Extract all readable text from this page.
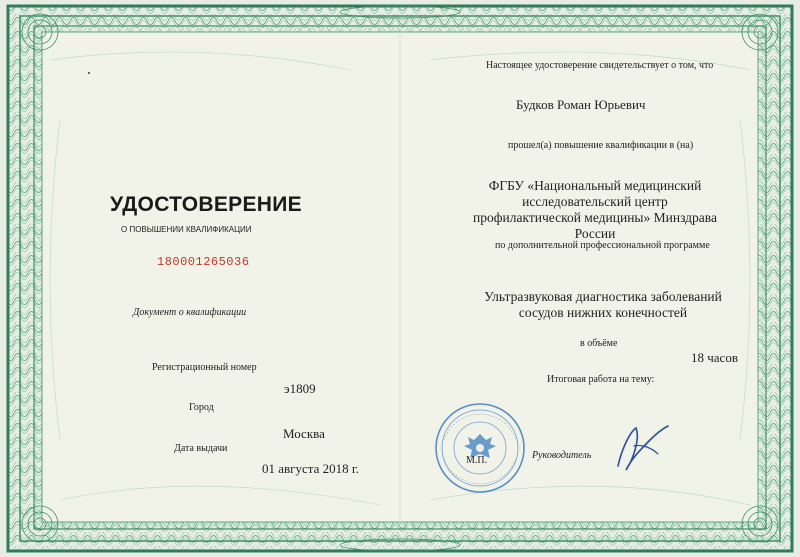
УДОСТОВЕРЕНИЕ
О ПОВЫШЕНИИ КВАЛИФИКАЦИИ
180001265036
Документ о квалификации
Регистрационный номер
э1809
Город
Москва
Дата выдачи
01 августа 2018 г.
Настоящее удостоверение свидетельствует о том, что
Будков Роман Юрьевич
прошел(а) повышение квалификации в (на)
ФГБУ «Национальный медицинский исследовательский центр профилактической медицины» Минздрава России
по дополнительной профессиональной программе
Ультразвуковая диагностика заболеваний сосудов нижних конечностей
в объёме
18 часов
Итоговая работа на тему:
М.П.	Руководитель
